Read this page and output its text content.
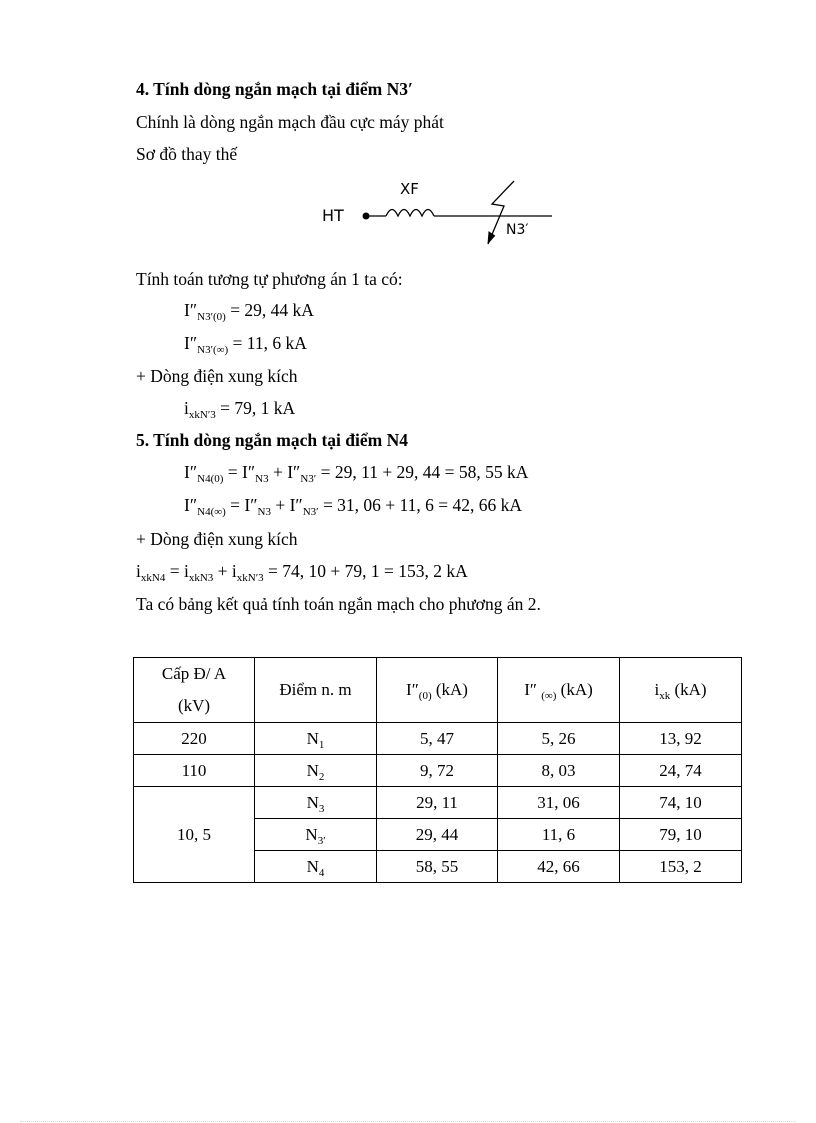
4. Tính dòng ngắn mạch tại điểm N3′
Chính là dòng ngắn mạch đầu cực máy phát
Sơ đồ thay thế
HT
XF
N3′
Tính toán tương tự phương án 1 ta có:
$I''_{N3'(0)} = 29$, 44 kA
$I''_{N3'(\infty)} = 11$, 6 kA
+ Dòng điện xung kích
$i_{xkN'3} = 79$, 1 kA
5. Tính dòng ngắn mạch tại điểm N4
$I''_{N4(0)} = I''_{N3} + I''_{N3'} = 29$, 11 + 29, 44 = 58, 55 kA
$I''_{N4(\infty)} = I''_{N3} + I''_{N3'} = 31$, 06 + 11, 6 = 42, 66 kA
+ Dòng điện xung kích
$i_{xkN4} = i_{xkN3} + i_{xkN'3} = 74$, 10 + 79, 1 = 153, 2 kA
Ta có bảng kết quả tính toán ngắn mạch cho phương án 2.
Cấp Đ/ A
(kV)	Điểm n. m	$I''_{(0)}$ (kA)	I″ $_{(\infty)}$ (kA)	$i_{xk}$ (kA)
220	$N_1$	5, 47	5, 26	13, 92
110	$N_2$	9, 72	8, 03	24, 74
10, 5	$N_3$	29, 11	31, 06	74, 10
	$N_{3'}$	29, 44	11, 6	79, 10
	$N_4$	58, 55	42, 66	153, 2
